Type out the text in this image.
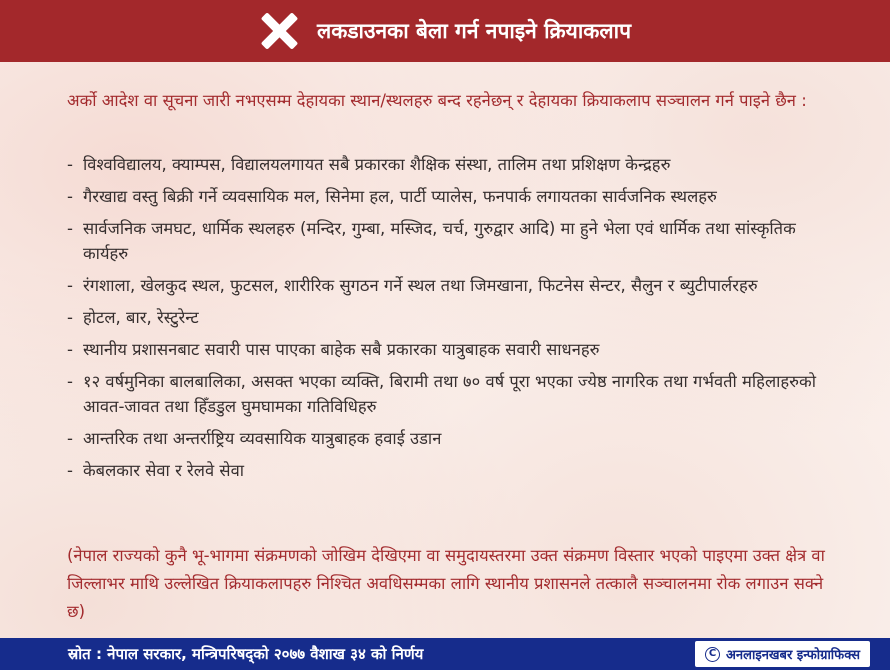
लकडाउनका बेला गर्न नपाइने क्रियाकलाप

अर्को आदेश वा सूचना जारी नभएसम्म देहायका स्थान/स्थलहरु बन्द रहनेछन् र देहायका क्रियाकलाप सञ्चालन गर्न पाइने छैन :

- विश्वविद्यालय, क्याम्पस, विद्यालयलगायत सबै प्रकारका शैक्षिक संस्था, तालिम तथा प्रशिक्षण केन्द्रहरु
- गैरखाद्य वस्तु बिक्री गर्ने व्यवसायिक मल, सिनेमा हल, पार्टी प्यालेस, फनपार्क लगायतका सार्वजनिक स्थलहरु
- सार्वजनिक जमघट, धार्मिक स्थलहरु (मन्दिर, गुम्बा, मस्जिद, चर्च, गुरुद्वार आदि) मा हुने भेला एवं धार्मिक तथा सांस्कृतिक कार्यहरु
- रंगशाला, खेलकुद स्थल, फुटसल, शारीरिक सुगठन गर्ने स्थल तथा जिमखाना, फिटनेस सेन्टर, सैलुन र ब्युटीपार्लरहरु
- होटल, बार, रेस्टुरेन्ट
- स्थानीय प्रशासनबाट सवारी पास पाएका बाहेक सबै प्रकारका यात्रुबाहक सवारी साधनहरु
- १२ वर्षमुनिका बालबालिका, असक्त भएका व्यक्ति, बिरामी तथा ७० वर्ष पूरा भएका ज्येष्ठ नागरिक तथा गर्भवती महिलाहरुको आवत-जावत तथा हिँडडुल घुमघामका गतिविधिहरु
- आन्तरिक तथा अन्तर्राष्ट्रिय व्यवसायिक यात्रुबाहक हवाई उडान
- केबलकार सेवा र रेलवे सेवा

(नेपाल राज्यको कुनै भू-भागमा संक्रमणको जोखिम देखिएमा वा समुदायस्तरमा उक्त संक्रमण विस्तार भएको पाइएमा उक्त क्षेत्र वा जिल्लाभर माथि उल्लेखित क्रियाकलापहरु निश्चित अवधिसम्मका लागि स्थानीय प्रशासनले तत्कालै सञ्चालनमा रोक लगाउन सक्ने छ)

स्रोत : नेपाल सरकार, मन्त्रिपरिषद्को २०७७ वैशाख ३४ को निर्णय	C अनलाइनखबर इन्फोग्राफिक्स
